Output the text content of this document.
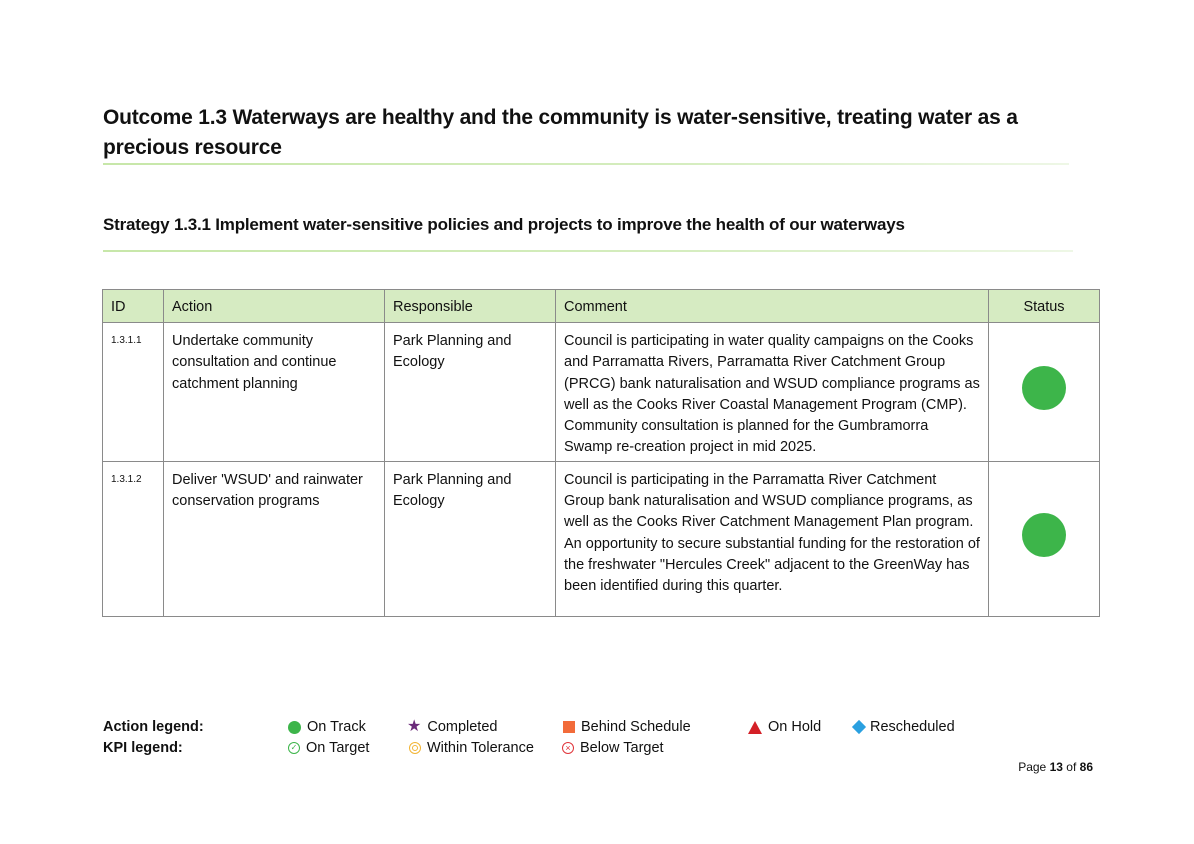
Outcome 1.3 Waterways are healthy and the community is water-sensitive, treating water as a precious resource
Strategy 1.3.1 Implement water-sensitive policies and projects to improve the health of our waterways
ID	Action	Responsible	Comment	Status
1.3.1.1	Undertake community consultation and continue catchment planning	Park Planning and Ecology	Council is participating in water quality campaigns on the Cooks and Parramatta Rivers, Parramatta River Catchment Group (PRCG) bank naturalisation and WSUD compliance programs as well as the Cooks River Coastal Management Program (CMP). Community consultation is planned for the Gumbramorra Swamp re-creation project in mid 2025.	
1.3.1.2	Deliver 'WSUD' and rainwater conservation programs	Park Planning and Ecology	Council is participating in the Parramatta River Catchment Group bank naturalisation and WSUD compliance programs, as well as the Cooks River Catchment Management Plan program. An opportunity to secure substantial funding for the restoration of the freshwater "Hercules Creek" adjacent to the GreenWay has been identified during this quarter.	
Action legend:	On Track	★ Completed	Behind Schedule	On Hold	Rescheduled
KPI legend:	✓ On Target	Within Tolerance	× Below Target
Page 13 of 86
